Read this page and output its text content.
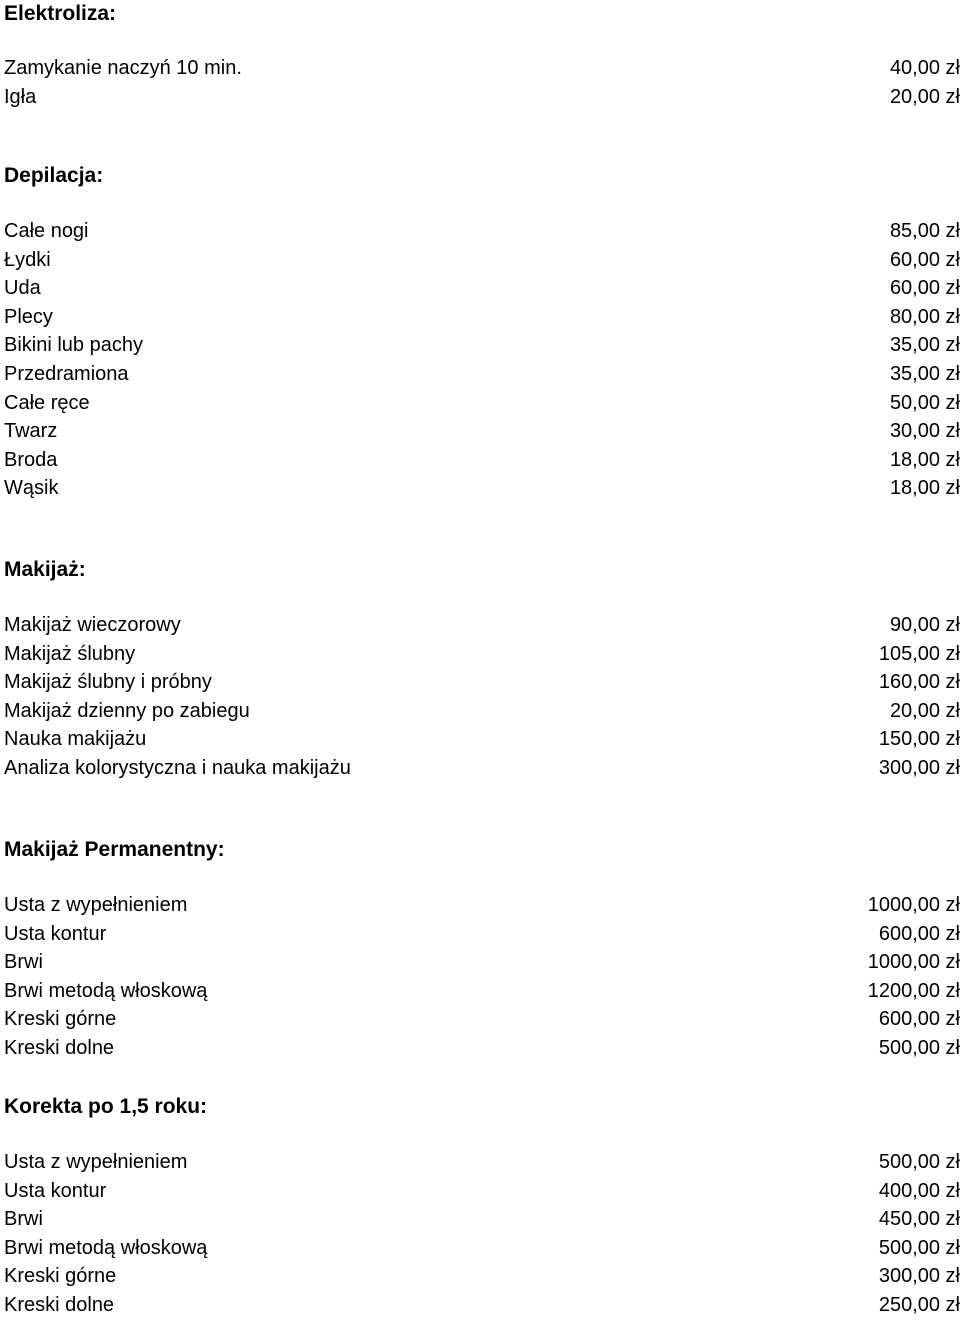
Elektroliza:
Zamykanie naczyń 10 min.	40,00 zł
Igła	20,00 zł
Depilacja:
Całe nogi	85,00 zł
Łydki	60,00 zł
Uda	60,00 zł
Plecy	80,00 zł
Bikini lub pachy	35,00 zł
Przedramiona	35,00 zł
Całe ręce	50,00 zł
Twarz	30,00 zł
Broda	18,00 zł
Wąsik	18,00 zł
Makijaż:
Makijaż wieczorowy	90,00 zł
Makijaż ślubny	105,00 zł
Makijaż ślubny i próbny	160,00 zł
Makijaż dzienny po zabiegu	20,00 zł
Nauka makijażu	150,00 zł
Analiza kolorystyczna i nauka makijażu	300,00 zł
Makijaż Permanentny:
Usta z wypełnieniem	1000,00 zł
Usta kontur	600,00 zł
Brwi	1000,00 zł
Brwi metodą włoskową	1200,00 zł
Kreski górne	600,00 zł
Kreski dolne	500,00 zł
Korekta po 1,5 roku:
Usta z wypełnieniem	500,00 zł
Usta kontur	400,00 zł
Brwi	450,00 zł
Brwi metodą włoskową	500,00 zł
Kreski górne	300,00 zł
Kreski dolne	250,00 zł
